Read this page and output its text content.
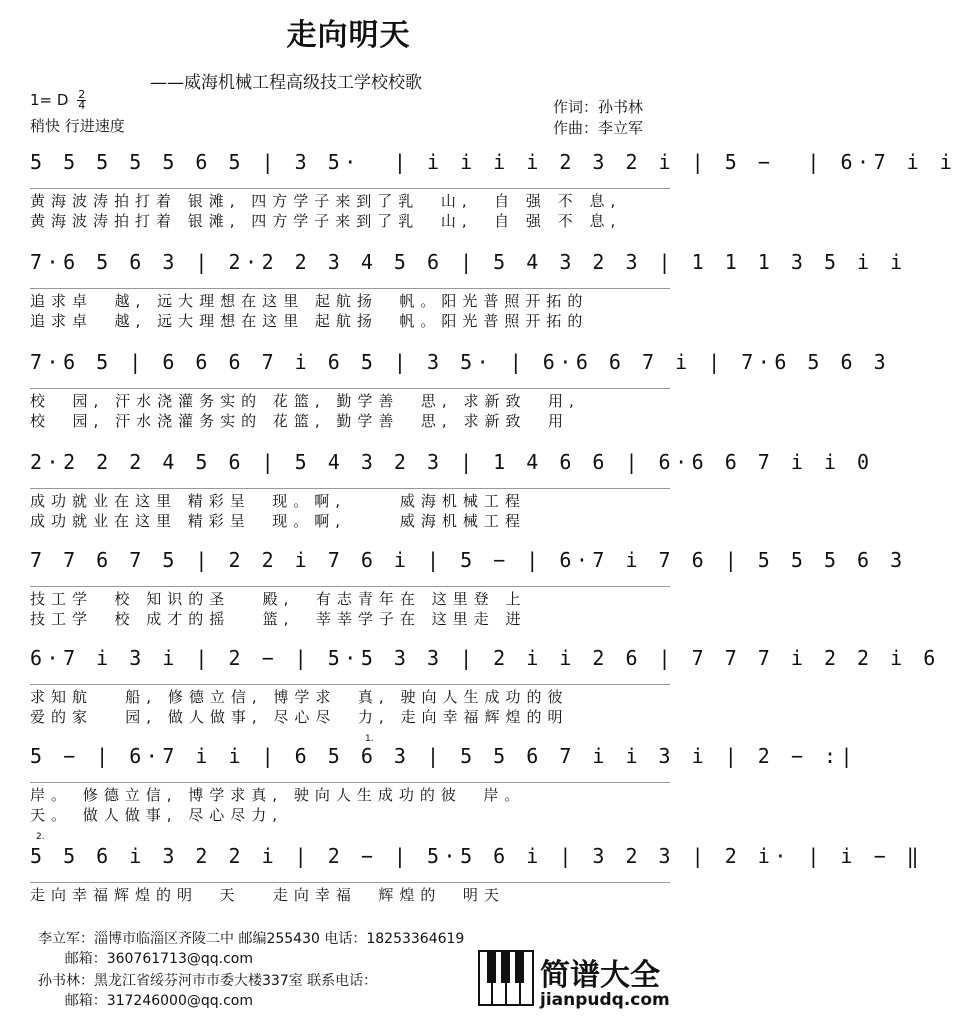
走向明天
——威海机械工程高级技工学校校歌
1= D $\frac{2}{4}$
稍快 行进速度
作词：孙书林
作曲：李立军
5 5 5 5 5 6 5 | 3 5·  | i i i i 2 3 2 i | 5 −  | 6·7 i i
黄海波涛拍打着 银滩, 四方学子来到了乳  山,  自 强 不 息,
黄海波涛拍打着 银滩, 四方学子来到了乳  山,  自 强 不 息,
7·6 5 6 3 | 2·2 2 3 4 5 6 | 5 4 3 2 3 | 1 1 1 3 5 i i
追求卓  越, 远大理想在这里 起航扬  帆。阳光普照开拓的
追求卓  越, 远大理想在这里 起航扬  帆。阳光普照开拓的
7·6 5 | 6 6 6 7 i 6 5 | 3 5· | 6·6 6 7 i | 7·6 5 6 3
校  园, 汗水浇灌务实的 花篮, 勤学善  思, 求新致  用,
校  园, 汗水浇灌务实的 花篮, 勤学善  思, 求新致  用
2·2 2 2 4 5 6 | 5 4 3 2 3 | 1 4 6 6 | 6·6 6 7 i i 0
成功就业在这里 精彩呈  现。啊,     威海机械工程
成功就业在这里 精彩呈  现。啊,     威海机械工程
7 7 6 7 5 | 2 2 i 7 6 i | 5 − | 6·7 i 7 6 | 5 5 5 6 3
技工学  校 知识的圣   殿,  有志青年在 这里登 上
技工学  校 成才的摇   篮,  莘莘学子在 这里走 进
6·7 i 3 i | 2 − | 5·5 3 3 | 2 i i 2 6 | 7 7 7 i 2 2 i 6
求知航   船, 修德立信, 博学求  真, 驶向人生成功的彼
爱的家   园, 做人做事, 尽心尽  力, 走向幸福辉煌的明
1.
5 − | 6·7 i i | 6 5 6 3 | 5 5 6 7 i i 3 i | 2 − :|
岸。 修德立信, 博学求真, 驶向人生成功的彼  岸。
天。 做人做事, 尽心尽力,
2.
5 5 6 i 3 2 2 i | 2 − | 5·5 6 i | 3 2 3 | 2 i· | i − ‖
走向幸福辉煌的明  天   走向幸福  辉煌的  明天
李立军：淄博市临淄区齐陵二中 邮编255430 电话：18253364619
邮箱：360761713@qq.com
孙书林：黑龙江省绥芬河市市委大楼337室 联系电话：
邮箱：317246000@qq.com
简谱大全
jianpudq.com
